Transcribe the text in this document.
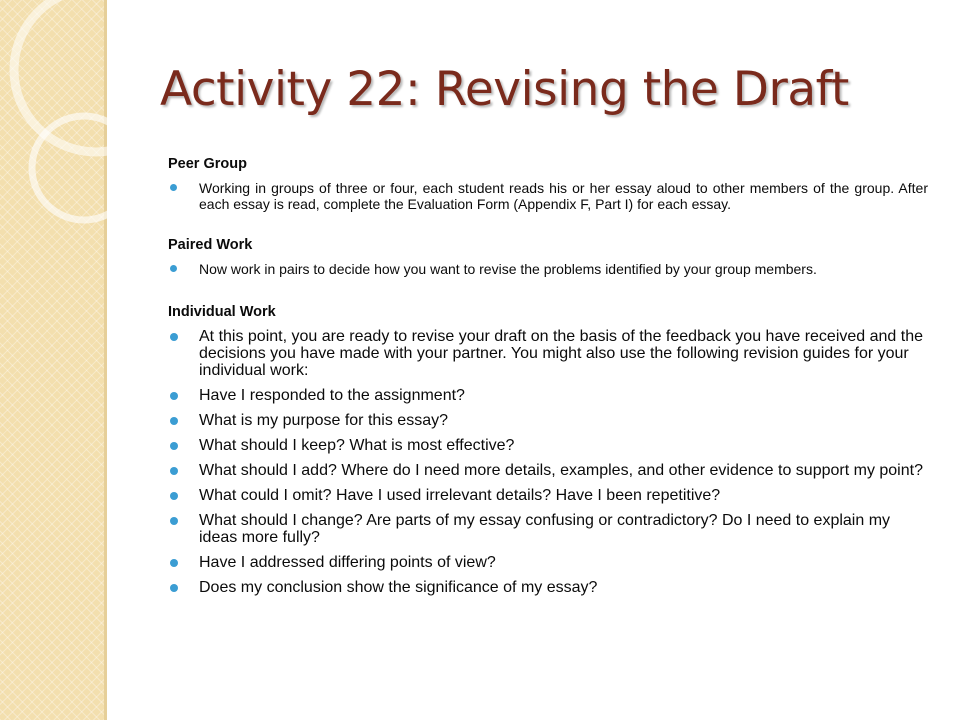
Activity 22: Revising the Draft
Peer Group
Working in groups of three or four, each student reads his or her essay aloud to other members of the group. After each essay is read, complete the Evaluation Form (Appendix F, Part I) for each essay.
Paired Work
Now work in pairs to decide how you want to revise the problems identified by your group members.
Individual Work
At this point, you are ready to revise your draft on the basis of the feedback you have received and the decisions you have made with your partner. You might also use the following revision guides for your individual work:
Have I responded to the assignment?
What is my purpose for this essay?
What should I keep? What is most effective?
What should I add? Where do I need more details, examples, and other evidence to support my point?
What could I omit? Have I used irrelevant details? Have I been repetitive?
What should I change? Are parts of my essay confusing or contradictory? Do I need to explain my ideas more fully?
Have I addressed differing points of view?
Does my conclusion show the significance of my essay?
